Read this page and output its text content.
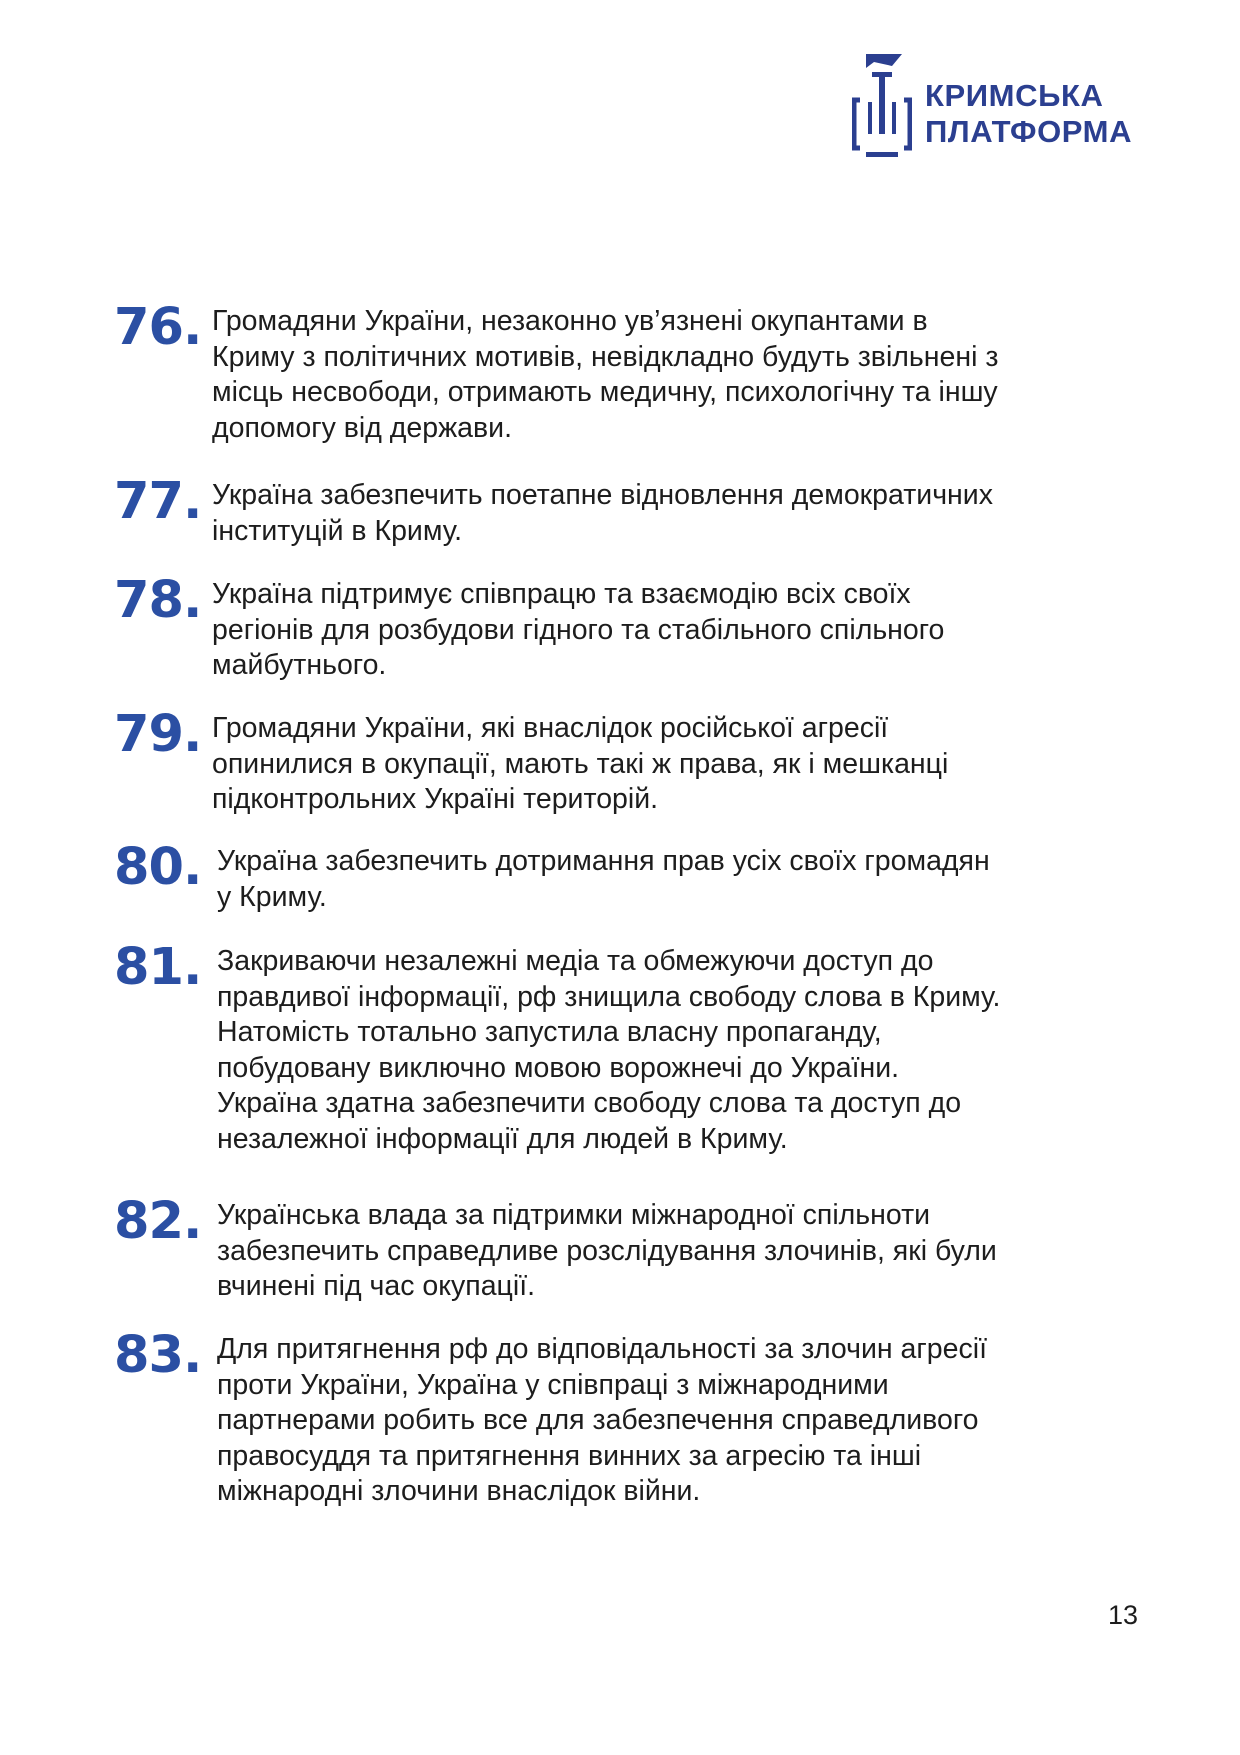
КРИМСЬКА
ПЛАТФОРМА
76. Громадяни України, незаконно ув’язнені окупантами в
Криму з політичних мотивів, невідкладно будуть звільнені з
місць несвободи, отримають медичну, психологічну та іншу
допомогу від держави.
77. Україна забезпечить поетапне відновлення демократичних
інституцій в Криму.
78. Україна підтримує співпрацю та взаємодію всіх своїх
регіонів для розбудови гідного та стабільного спільного
майбутнього.
79. Громадяни України, які внаслідок російської агресії
опинилися в окупації, мають такі ж права, як і мешканці
підконтрольних Україні територій.
80. Україна забезпечить дотримання прав усіх своїх громадян
у Криму.
81. Закриваючи незалежні медіа та обмежуючи доступ до
правдивої інформації, рф знищила свободу слова в Криму.
Натомість тотально запустила власну пропаганду,
побудовану виключно мовою ворожнечі до України.
Україна здатна забезпечити свободу слова та доступ до
незалежної інформації для людей в Криму.
82. Українська влада за підтримки міжнародної спільноти
забезпечить справедливе розслідування злочинів, які були
вчинені під час окупації.
83. Для притягнення рф до відповідальності за злочин агресії
проти України, Україна у співпраці з міжнародними
партнерами робить все для забезпечення справедливого
правосуддя та притягнення винних за агресію та інші
міжнародні злочини внаслідок війни.
13
